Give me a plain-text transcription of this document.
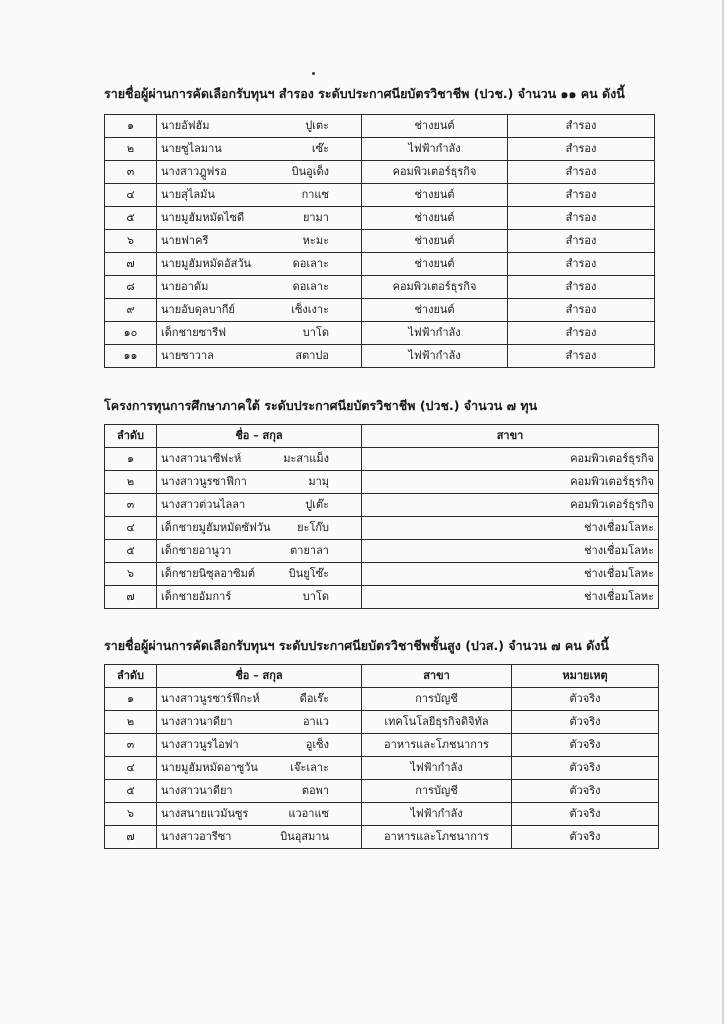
รายชื่อผู้ผ่านการคัดเลือกรับทุนฯ สำรอง ระดับประกาศนียบัตรวิชาชีพ (ปวช.) จำนวน ๑๑ คน ดังนี้

๑	นายอัฟฮัม ปูเตะ	ช่างยนต์	สำรอง
๒	นายซูไลมาน เซ๊ะ	ไฟฟ้ากำลัง	สำรอง
๓	นางสาวฎูฟรอ บินอูเด็ง	คอมพิวเตอร์ธุรกิจ	สำรอง
๔	นายสุไลมัน กาแซ	ช่างยนต์	สำรอง
๕	นายมูฮัมหมัดไซดี ยามา	ช่างยนต์	สำรอง
๖	นายฟาครี หะมะ	ช่างยนต์	สำรอง
๗	นายมูฮัมหมัดอัสวัน ดอเลาะ	ช่างยนต์	สำรอง
๘	นายอาดัม ดอเลาะ	คอมพิวเตอร์ธุรกิจ	สำรอง
๙	นายอับดุลบากีย์ เซ็งเงาะ	ช่างยนต์	สำรอง
๑๐	เด็กชายซารีฟ บาโด	ไฟฟ้ากำลัง	สำรอง
๑๑	นายซาวาล สตาปอ	ไฟฟ้ากำลัง	สำรอง

โครงการทุนการศึกษาภาคใต้ ระดับประกาศนียบัตรวิชาชีพ (ปวช.) จำนวน ๗ ทุน

ลำดับ	ชื่อ – สกุล	สาขา
๑	นางสาวนาซีฟะห์ มะสาแม็ง	คอมพิวเตอร์ธุรกิจ
๒	นางสาวนูรซาฟีกา มามุ	คอมพิวเตอร์ธุรกิจ
๓	นางสาวต่วนไลลา ปูเต๊ะ	คอมพิวเตอร์ธุรกิจ
๔	เด็กชายมูฮัมหมัดซัฟวัน ยะโก๊บ	ช่างเชื่อมโลหะ
๕	เด็กชายอานูวา ตายาลา	ช่างเชื่อมโลหะ
๖	เด็กชายนิซุลอาซิมต์ บินยูโซ๊ะ	ช่างเชื่อมโลหะ
๗	เด็กชายอัมการ์ บาโด	ช่างเชื่อมโลหะ

รายชื่อผู้ผ่านการคัดเลือกรับทุนฯ ระดับประกาศนียบัตรวิชาชีพชั้นสูง (ปวส.) จำนวน ๗ คน ดังนี้

ลำดับ	ชื่อ – สกุล	สาขา	หมายเหตุ
๑	นางสาวนูรซาร์ฟีกะห์ ดือเร๊ะ	การบัญชี	ตัวจริง
๒	นางสาวนาดียา อาแว	เทคโนโลยีธุรกิจดิจิทัล	ตัวจริง
๓	นางสาวนูรไอฟา อูเซ็ง	อาหารและโภชนาการ	ตัวจริง
๔	นายมูฮัมหมัดอาซูวัน เจ๊ะเลาะ	ไฟฟ้ากำลัง	ตัวจริง
๕	นางสาวนาดียา ตอพา	การบัญชี	ตัวจริง
๖	นางสนายแวมันซูร แวอาแซ	ไฟฟ้ากำลัง	ตัวจริง
๗	นางสาวอารีซา บินอุสมาน	อาหารและโภชนาการ	ตัวจริง
